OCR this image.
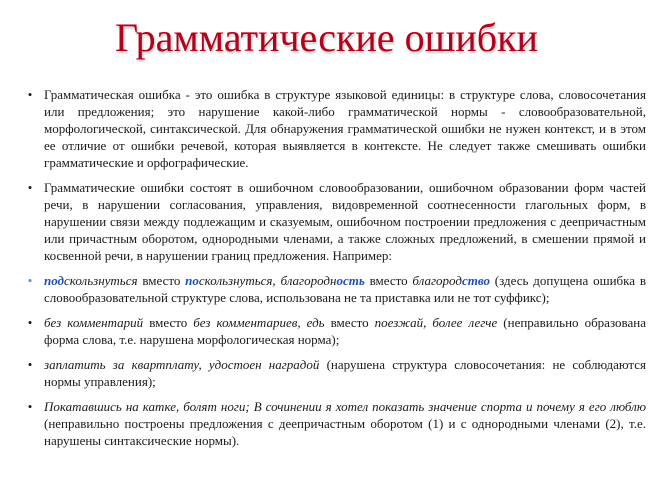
Грамматические ошибки
• Грамматическая ошибка - это ошибка в структуре языковой единицы: в структуре слова, словосочетания или предложения; это нарушение какой-либо грамматической нормы - словообразовательной, морфологической, синтаксической. Для обнаружения грамматической ошибки не нужен контекст, и в этом ее отличие от ошибки речевой, которая выявляется в контексте. Не следует также смешивать ошибки грамматические и орфографические.
• Грамматические ошибки состоят в ошибочном словообразовании, ошибочном образовании форм частей речи, в нарушении согласования, управления, видовременной соотнесенности глагольных форм, в нарушении связи между подлежащим и сказуемым, ошибочном построении предложения с деепричастным или причастным оборотом, однородными членами, а также сложных предложений, в смешении прямой и косвенной речи, в нарушении границ предложения. Например:
• подскользнуться вместо поскользнуться, благородность вместо благородство (здесь допущена ошибка в словообразовательной структуре слова, использована не та приставка или не тот суффикс);
• без комментарий вместо без комментариев, едь вместо поезжай, более легче (неправильно образована форма слова, т.е. нарушена морфологическая норма);
• заплатить за квартплату, удостоен наградой (нарушена структура словосочетания: не соблюдаются нормы управления);
• Покатавшись на катке, болят ноги; В сочинении я хотел показать значение спорта и почему я его люблю (неправильно построены предложения с деепричастным оборотом (1) и с однородными членами (2), т.е. нарушены синтаксические нормы).
